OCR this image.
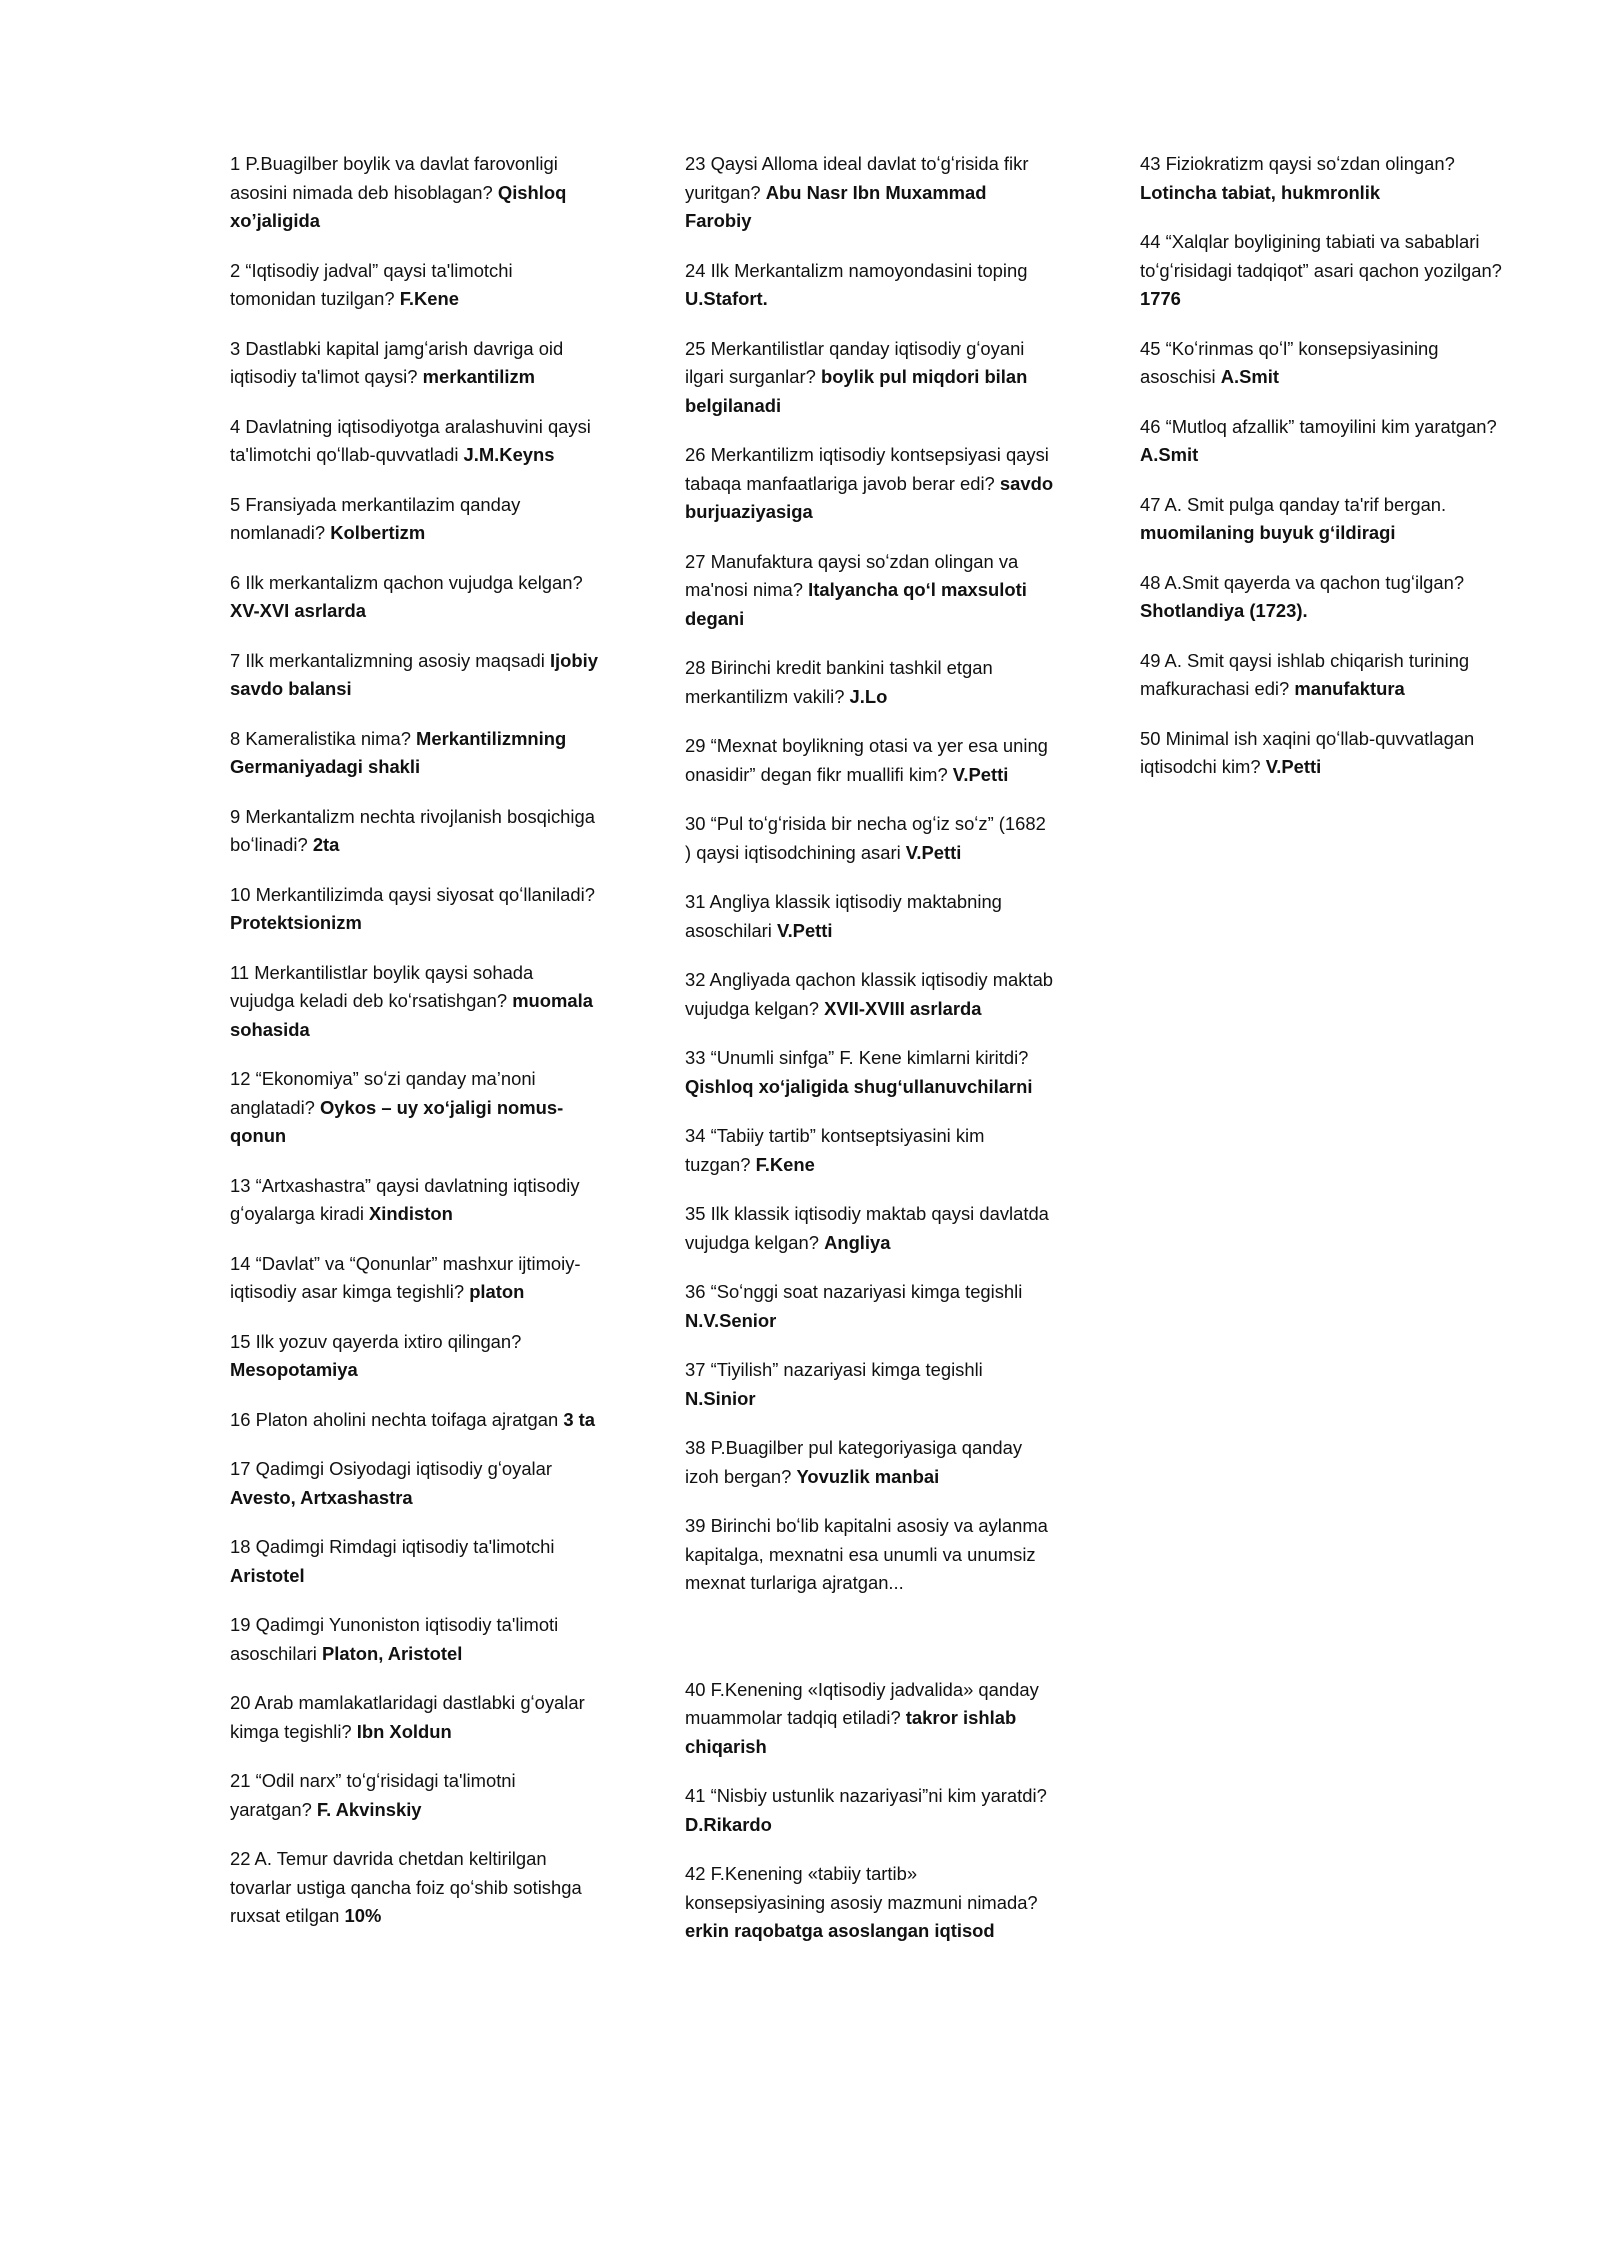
1 P.Buagilber boylik va davlat farovonligi asosini nimada deb hisoblagan? Qishloq xo’jaligida

2 “Iqtisodiy jadval” qaysi ta'limotchi tomonidan tuzilgan? F.Kene

3 Dastlabki kapital jamgʻarish davriga oid iqtisodiy ta'limot qaysi? merkantilizm

4 Davlatning iqtisodiyotga aralashuvini qaysi ta'limotchi qoʻllab-quvvatladi J.M.Keyns

5 Fransiyada merkantilazim qanday nomlanadi? Kolbertizm

6 Ilk merkantalizm qachon vujudga kelgan? XV-XVI asrlarda

7 Ilk merkantalizmning asosiy maqsadi Ijobiy savdo balansi

8 Kameralistika nima? Merkantilizmning Germaniyadagi shakli

9 Merkantalizm nechta rivojlanish bosqichiga boʻlinadi? 2ta

10 Merkantilizimda qaysi siyosat qoʻllaniladi? Protektsionizm

11 Merkantilistlar boylik qaysi sohada vujudga keladi deb koʻrsatishgan? muomala sohasida

12 “Ekonomiya” soʻzi qanday ma’noni anglatadi? Oykos – uy xoʻjaligi nomus-qonun

13 “Artxashastra” qaysi davlatning iqtisodiy gʻoyalarga kiradi Xindiston

14 “Davlat” va “Qonunlar” mashxur ijtimoiy-iqtisodiy asar kimga tegishli? platon

15 Ilk yozuv qayerda ixtiro qilingan? Mesopotamiya

16 Platon aholini nechta toifaga ajratgan 3 ta

17 Qadimgi Osiyodagi iqtisodiy gʻoyalar Avesto, Artxashastra

18 Qadimgi Rimdagi iqtisodiy ta'limotchi Aristotel

19 Qadimgi Yunoniston iqtisodiy ta'limoti asoschilari Platon, Aristotel

20 Arab mamlakatlaridagi dastlabki gʻoyalar kimga tegishli? Ibn Xoldun

21 “Odil narx” toʻgʻrisidagi ta'limotni yaratgan? F. Akvinskiy

22 A. Temur davrida chetdan keltirilgan tovarlar ustiga qancha foiz qoʻshib sotishga ruxsat etilgan 10%

23 Qaysi Alloma ideal davlat toʻgʻrisida fikr yuritgan? Abu Nasr Ibn Muxammad Farobiy

24 Ilk Merkantalizm namoyondasini toping U.Stafort.

25 Merkantilistlar qanday iqtisodiy gʻoyani ilgari surganlar? boylik pul miqdori bilan belgilanadi

26 Merkantilizm iqtisodiy kontsepsiyasi qaysi tabaqa manfaatlariga javob berar edi? savdo burjuaziyasiga

27 Manufaktura qaysi soʻzdan olingan va ma'nosi nima? Italyancha qoʻl maxsuloti degani

28 Birinchi kredit bankini tashkil etgan merkantilizm vakili? J.Lo

29 “Mexnat boylikning otasi va yer esa uning onasidir” degan fikr muallifi kim? V.Petti

30 “Pul toʻgʻrisida bir necha ogʻiz soʻz” (1682 ) qaysi iqtisodchining asari V.Petti

31 Angliya klassik iqtisodiy maktabning asoschilari V.Petti

32 Angliyada qachon klassik iqtisodiy maktab vujudga kelgan? XVII-XVIII asrlarda

33 “Unumli sinfga” F. Kene kimlarni kiritdi? Qishloq xoʻjaligida shugʻullanuvchilarni

34 “Tabiiy tartib” kontseptsiyasini kim tuzgan? F.Kene

35 Ilk klassik iqtisodiy maktab qaysi davlatda vujudga kelgan? Angliya

36 “Soʻnggi soat nazariyasi kimga tegishli N.V.Senior

37 “Tiyilish” nazariyasi kimga tegishli N.Sinior

38 P.Buagilber pul kategoriyasiga qanday izoh bergan? Yovuzlik manbai

39 Birinchi boʻlib kapitalni asosiy va aylanma kapitalga, mexnatni esa unumli va unumsiz mexnat turlariga ajratgan...

40 F.Kenening «Iqtisodiy jadvalida» qanday muammolar tadqiq etiladi? takror ishlab chiqarish

41 “Nisbiy ustunlik nazariyasi”ni kim yaratdi? D.Rikardo

42 F.Kenening «tabiiy tartib» konsepsiyasining asosiy mazmuni nimada? erkin raqobatga asoslangan iqtisod

43 Fiziokratizm qaysi soʻzdan olingan? Lotincha tabiat, hukmronlik

44 “Xalqlar boyligining tabiati va sabablari toʻgʻrisidagi tadqiqot” asari qachon yozilgan? 1776

45 “Koʻrinmas qoʻl” konsepsiyasining asoschisi A.Smit

46 “Mutloq afzallik” tamoyilini kim yaratgan? A.Smit

47 A. Smit pulga qanday ta'rif bergan. muomilaning buyuk gʻildiragi

48 A.Smit qayerda va qachon tugʻilgan? Shotlandiya (1723).

49 A. Smit qaysi ishlab chiqarish turining mafkurachasi edi? manufaktura

50 Minimal ish xaqini qoʻllab-quvvatlagan iqtisodchi kim? V.Petti
